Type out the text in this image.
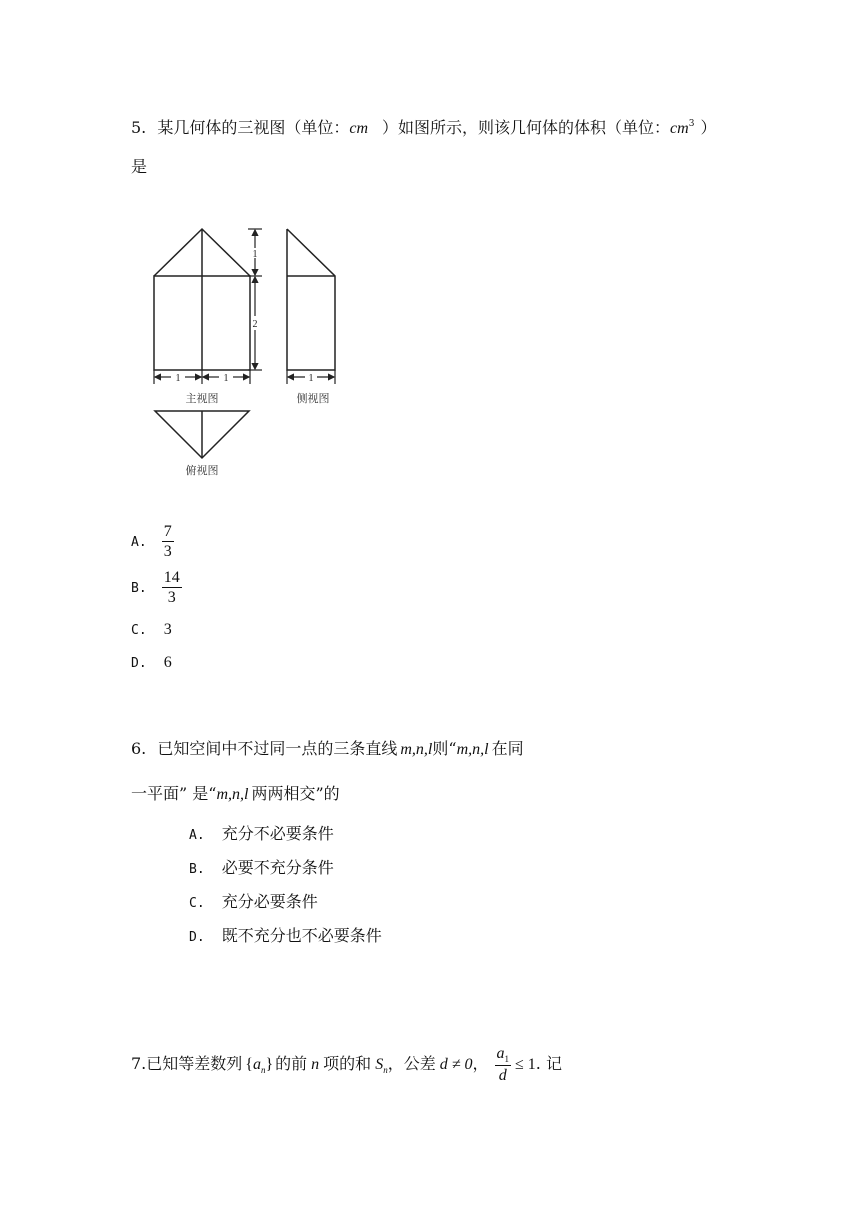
5. 某几何体的三视图（单位：cm ）如图所示，则该几何体的体积（单位：$cm^3$ ）
是
1
2
1	1
主视图
1
侧视图
俯视图
A. $\frac{7}{3}$
B. $\frac{14}{3}$
C. 3
D. 6
6. 已知空间中不过同一点的三条直线 m,n,l则“m,n,l 在同
一平面” 是“m,n,l 两两相交”的
A. 充分不必要条件
B. 必要不充分条件
C. 充分必要条件
D. 既不充分也不必要条件
7.已知等差数列 $\{a_n\}$ 的前 n 项的和 $S_n$，公差 d ≠ 0， $\frac{a_1}{d} \le 1$. 记
